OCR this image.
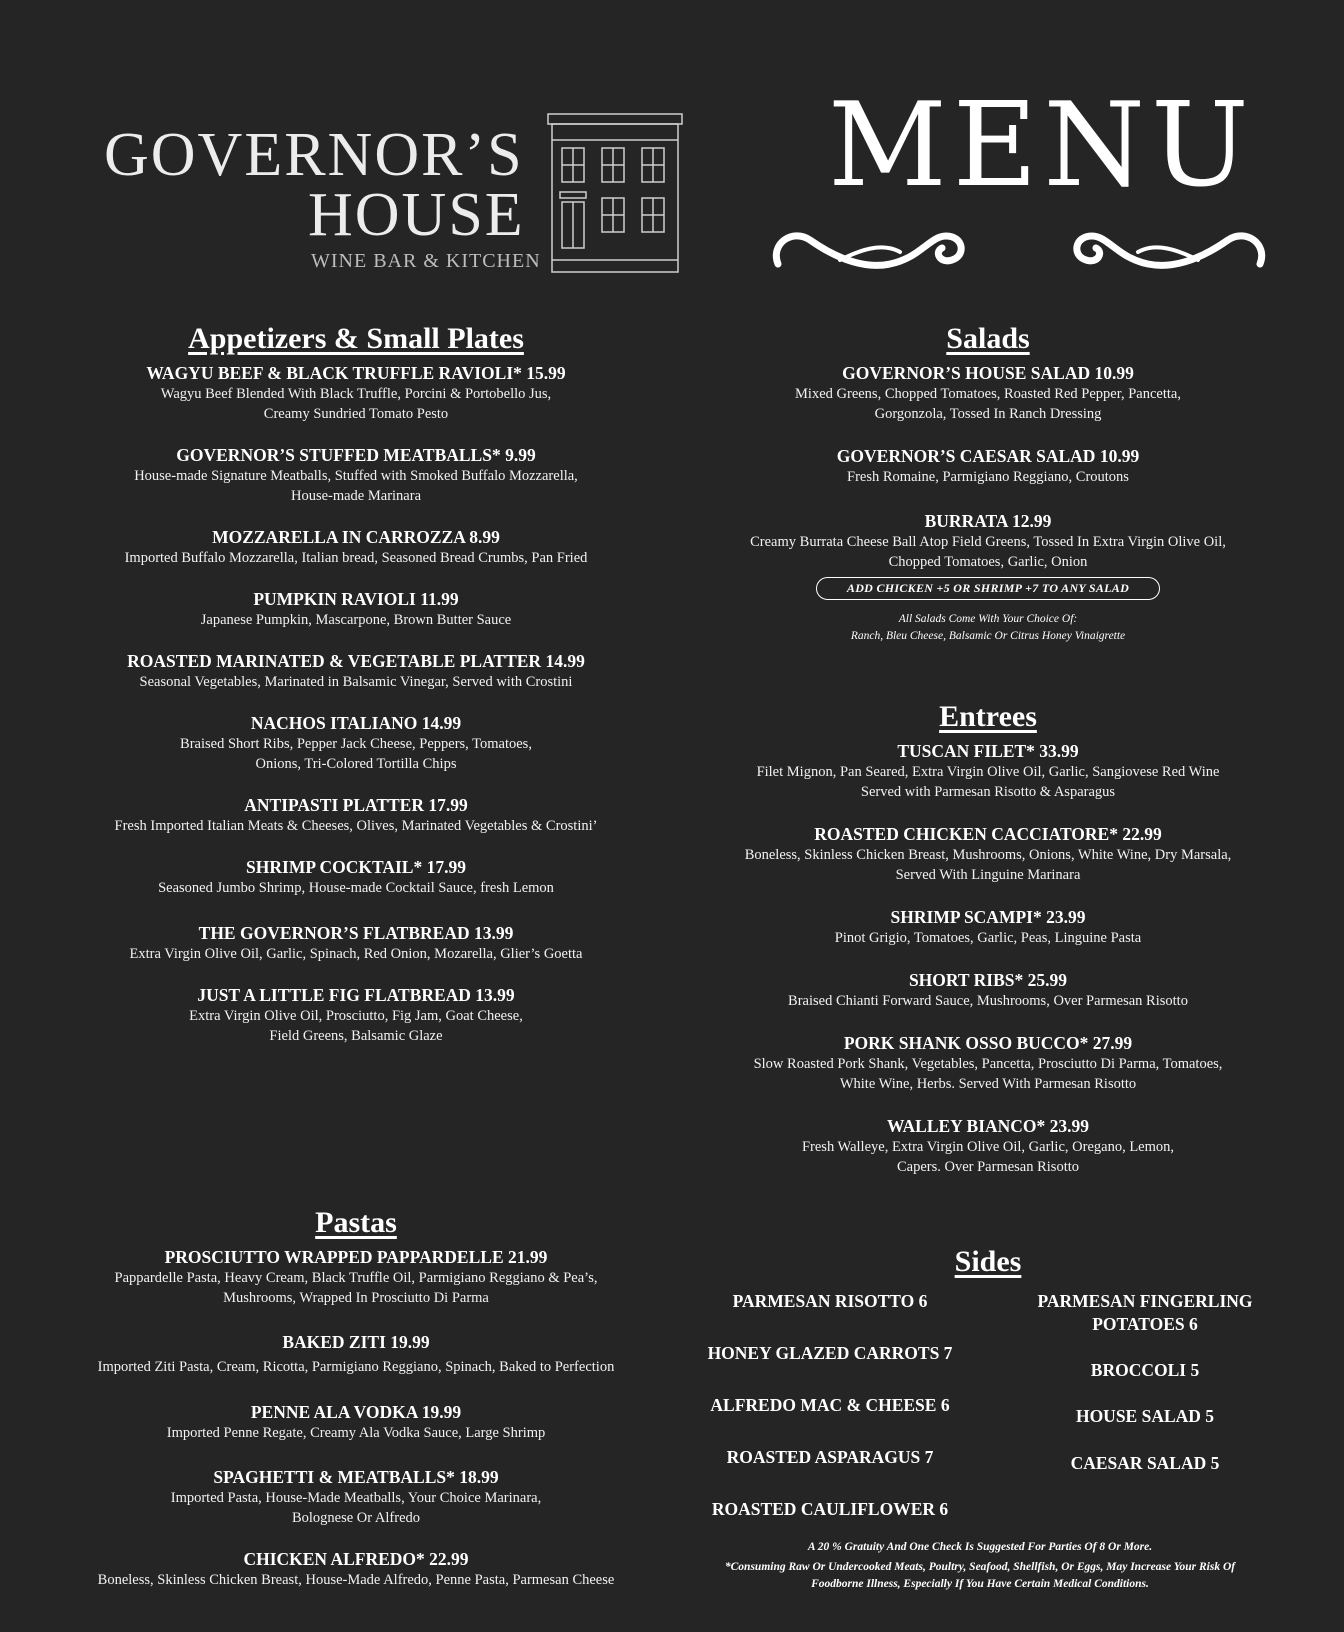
GOVERNOR’S
HOUSE
WINE BAR & KITCHEN
MENU
Appetizers & Small Plates
WAGYU BEEF & BLACK TRUFFLE RAVIOLI* 15.99
Wagyu Beef Blended With Black Truffle, Porcini & Portobello Jus,
Creamy Sundried Tomato Pesto
GOVERNOR’S STUFFED MEATBALLS* 9.99
House-made Signature Meatballs, Stuffed with Smoked Buffalo Mozzarella,
House-made Marinara
MOZZARELLA IN CARROZZA 8.99
Imported Buffalo Mozzarella, Italian bread, Seasoned Bread Crumbs, Pan Fried
PUMPKIN RAVIOLI 11.99
Japanese Pumpkin, Mascarpone, Brown Butter Sauce
ROASTED MARINATED & VEGETABLE PLATTER 14.99
Seasonal Vegetables, Marinated in Balsamic Vinegar, Served with Crostini
NACHOS ITALIANO 14.99
Braised Short Ribs, Pepper Jack Cheese, Peppers, Tomatoes,
Onions, Tri-Colored Tortilla Chips
ANTIPASTI PLATTER 17.99
Fresh Imported Italian Meats & Cheeses, Olives, Marinated Vegetables & Crostini’
SHRIMP COCKTAIL* 17.99
Seasoned Jumbo Shrimp, House-made Cocktail Sauce, fresh Lemon
THE GOVERNOR’S FLATBREAD 13.99
Extra Virgin Olive Oil, Garlic, Spinach, Red Onion, Mozarella, Glier’s Goetta
JUST A LITTLE FIG FLATBREAD 13.99
Extra Virgin Olive Oil, Prosciutto, Fig Jam, Goat Cheese,
Field Greens, Balsamic Glaze
Salads
GOVERNOR’S HOUSE SALAD 10.99
Mixed Greens, Chopped Tomatoes, Roasted Red Pepper, Pancetta,
Gorgonzola, Tossed In Ranch Dressing
GOVERNOR’S CAESAR SALAD 10.99
Fresh Romaine, Parmigiano Reggiano, Croutons
BURRATA 12.99
Creamy Burrata Cheese Ball Atop Field Greens, Tossed In Extra Virgin Olive Oil,
Chopped Tomatoes, Garlic, Onion
ADD CHICKEN +5 OR SHRIMP +7 TO ANY SALAD
All Salads Come With Your Choice Of:
Ranch, Bleu Cheese, Balsamic Or Citrus Honey Vinaigrette
Entrees
TUSCAN FILET* 33.99
Filet Mignon, Pan Seared, Extra Virgin Olive Oil, Garlic, Sangiovese Red Wine
Served with Parmesan Risotto & Asparagus
ROASTED CHICKEN CACCIATORE* 22.99
Boneless, Skinless Chicken Breast, Mushrooms, Onions, White Wine, Dry Marsala,
Served With Linguine Marinara
SHRIMP SCAMPI* 23.99
Pinot Grigio, Tomatoes, Garlic, Peas, Linguine Pasta
SHORT RIBS* 25.99
Braised Chianti Forward Sauce, Mushrooms, Over Parmesan Risotto
PORK SHANK OSSO BUCCO* 27.99
Slow Roasted Pork Shank, Vegetables, Pancetta, Prosciutto Di Parma, Tomatoes,
White Wine, Herbs. Served With Parmesan Risotto
WALLEY BIANCO* 23.99
Fresh Walleye, Extra Virgin Olive Oil, Garlic, Oregano, Lemon,
Capers. Over Parmesan Risotto
Pastas
PROSCIUTTO WRAPPED PAPPARDELLE 21.99
Pappardelle Pasta, Heavy Cream, Black Truffle Oil, Parmigiano Reggiano & Pea’s,
Mushrooms, Wrapped In Prosciutto Di Parma
BAKED ZITI 19.99
Imported Ziti Pasta, Cream, Ricotta, Parmigiano Reggiano, Spinach, Baked to Perfection
PENNE ALA VODKA 19.99
Imported Penne Regate, Creamy Ala Vodka Sauce, Large Shrimp
SPAGHETTI & MEATBALLS* 18.99
Imported Pasta, House-Made Meatballs, Your Choice Marinara,
Bolognese Or Alfredo
CHICKEN ALFREDO* 22.99
Boneless, Skinless Chicken Breast, House-Made Alfredo, Penne Pasta, Parmesan Cheese
Sides
PARMESAN RISOTTO 6
HONEY GLAZED CARROTS 7
ALFREDO MAC & CHEESE 6
ROASTED ASPARAGUS 7
ROASTED CAULIFLOWER 6
PARMESAN FINGERLING
POTATOES 6
BROCCOLI 5
HOUSE SALAD 5
CAESAR SALAD 5
A 20 % Gratuity And One Check Is Suggested For Parties Of 8 Or More.
*Consuming Raw Or Undercooked Meats, Poultry, Seafood, Shellfish, Or Eggs, May Increase Your Risk Of
Foodborne Illness, Especially If You Have Certain Medical Conditions.
